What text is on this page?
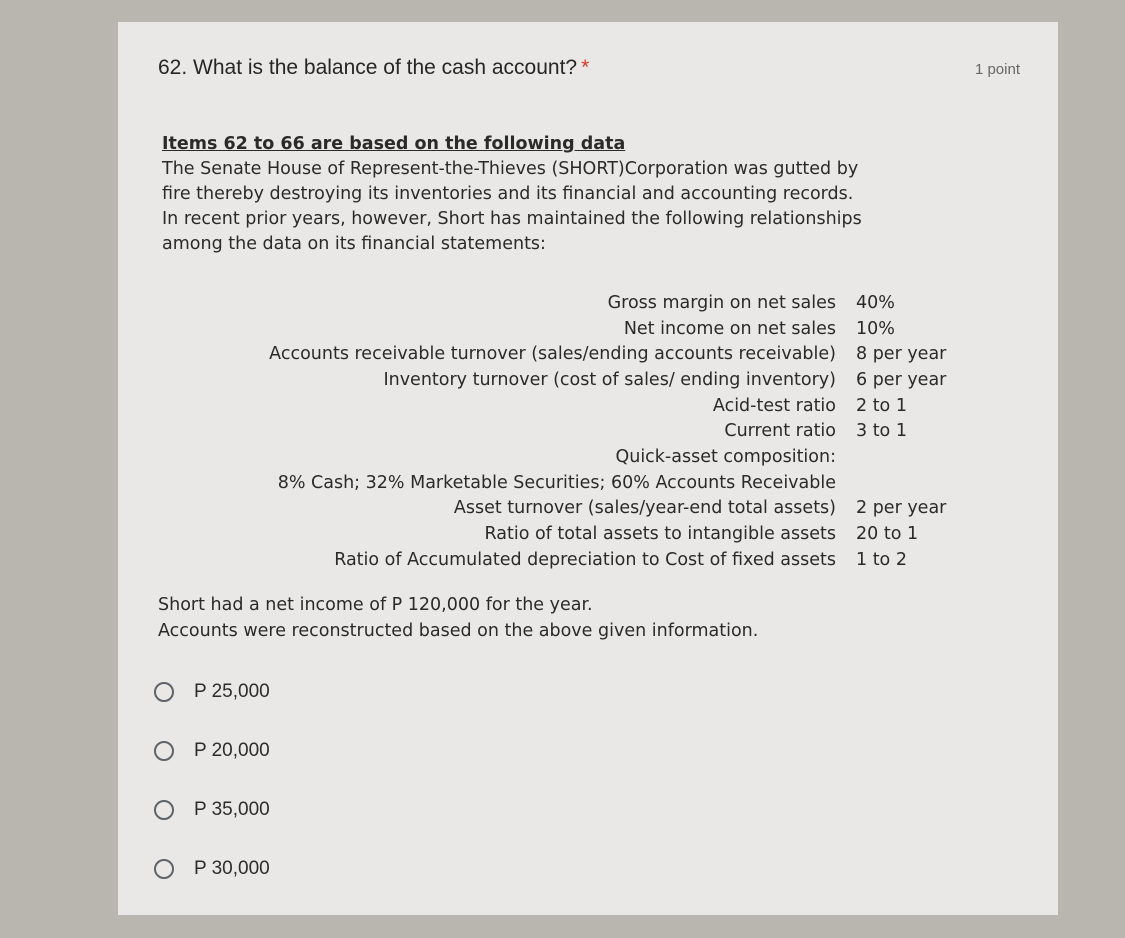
62. What is the balance of the cash account? *	1 point

Items 62 to 66 are based on the following data

The Senate House of Represent-the-Thieves (SHORT)Corporation was gutted by

fire thereby destroying its inventories and its financial and accounting records.

In recent prior years, however, Short has maintained the following relationships

among the data on its financial statements:

Gross margin on net sales	40%
Net income on net sales	10%
Accounts receivable turnover (sales/ending accounts receivable)	8 per year
Inventory turnover (cost of sales/ ending inventory)	6 per year
Acid-test ratio	2 to 1
Current ratio	3 to 1
Quick-asset composition:	
8% Cash; 32% Marketable Securities; 60% Accounts Receivable	
Asset turnover (sales/year-end total assets)	2 per year
Ratio of total assets to intangible assets	20 to 1
Ratio of Accumulated depreciation to Cost of fixed assets	1 to 2

Short had a net income of P 120,000 for the year.

Accounts were reconstructed based on the above given information.

P 25,000
P 20,000
P 35,000
P 30,000
